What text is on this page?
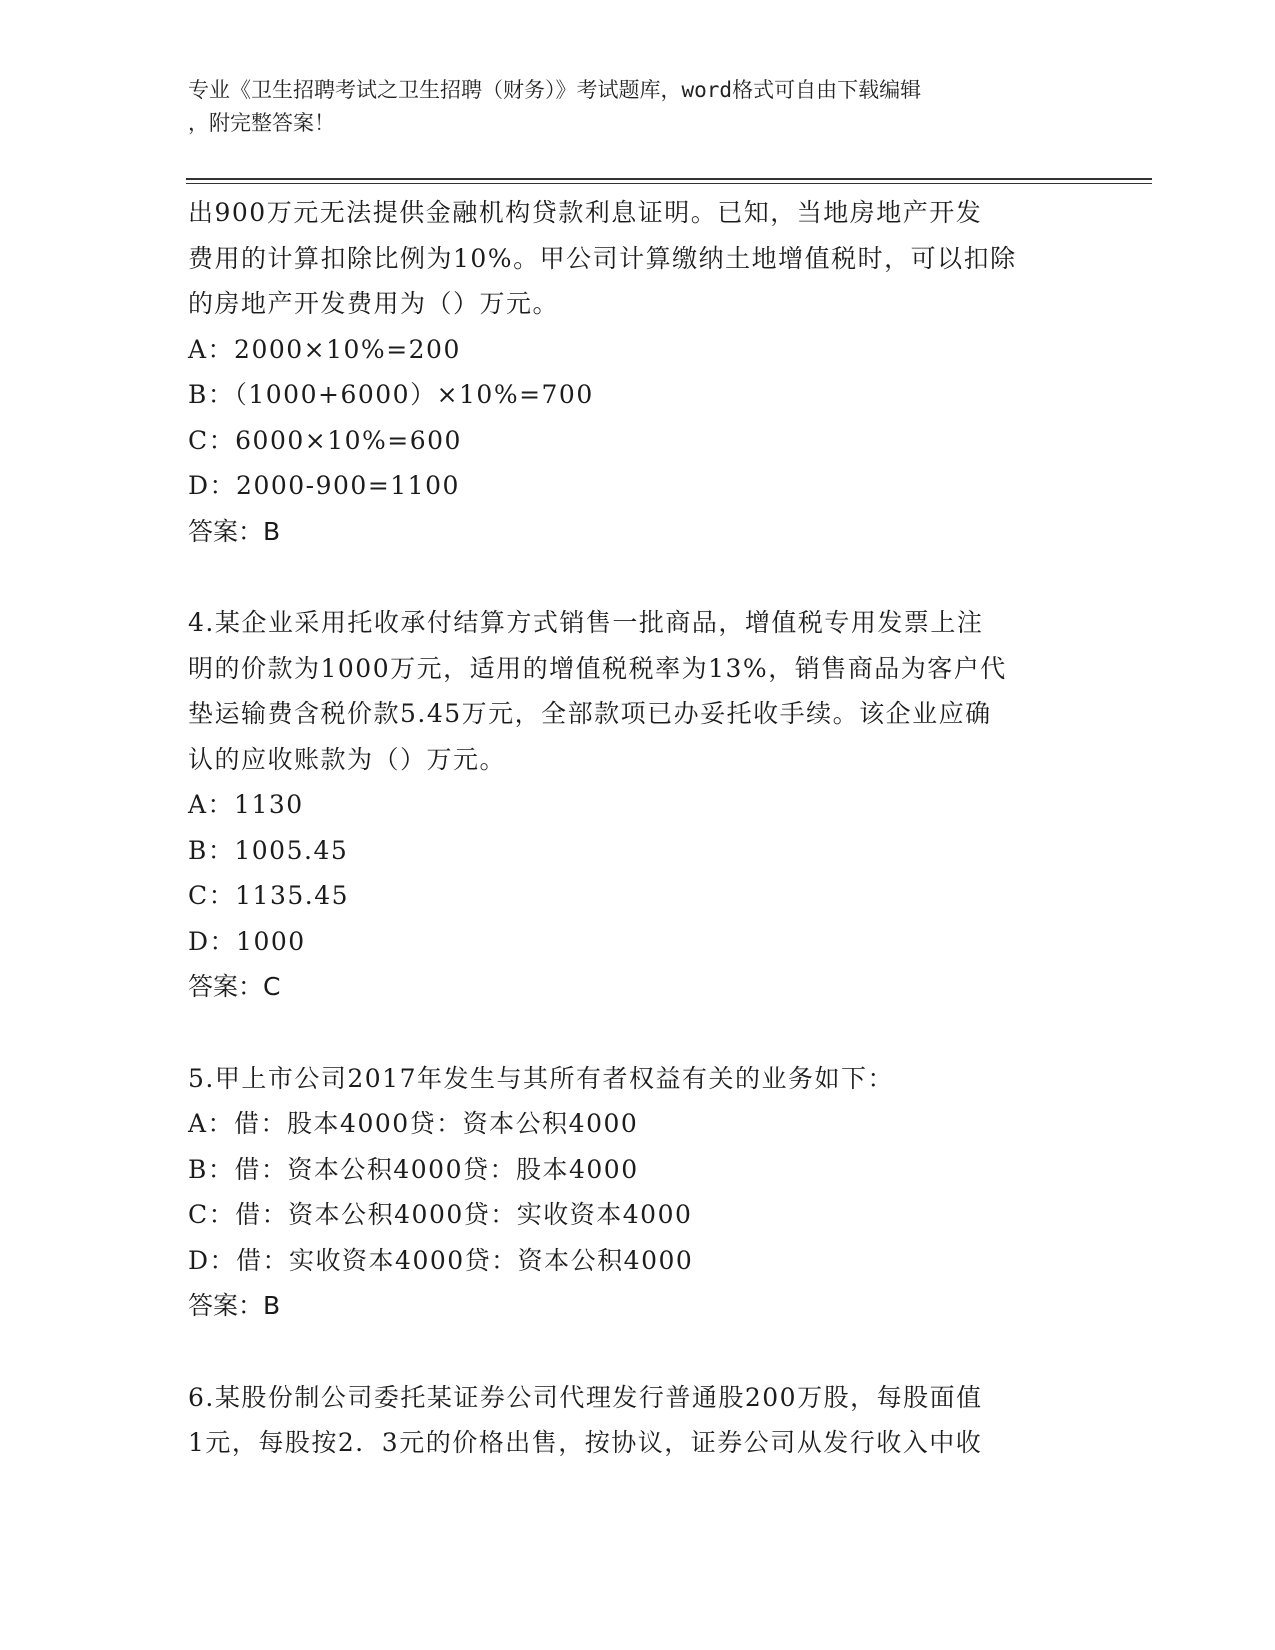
专业《卫生招聘考试之卫生招聘（财务）》考试题库，word格式可自由下载编辑
，附完整答案！
出900万元无法提供金融机构贷款利息证明。已知，当地房地产开发
费用的计算扣除比例为10%。甲公司计算缴纳土地增值税时，可以扣除
的房地产开发费用为（）万元。
A：2000×10%=200
B：（1000+6000）×10%=700
C：6000×10%=600
D：2000-900=1100
答案：B
4.某企业采用托收承付结算方式销售一批商品，增值税专用发票上注
明的价款为1000万元，适用的增值税税率为13%，销售商品为客户代
垫运输费含税价款5.45万元，全部款项已办妥托收手续。该企业应确
认的应收账款为（）万元。
A：1130
B：1005.45
C：1135.45
D：1000
答案：C
5.甲上市公司2017年发生与其所有者权益有关的业务如下：
A：借：股本4000贷：资本公积4000
B：借：资本公积4000贷：股本4000
C：借：资本公积4000贷：实收资本4000
D：借：实收资本4000贷：资本公积4000
答案：B
6.某股份制公司委托某证券公司代理发行普通股200万股，每股面值
1元，每股按2．3元的价格出售，按协议，证券公司从发行收入中收
